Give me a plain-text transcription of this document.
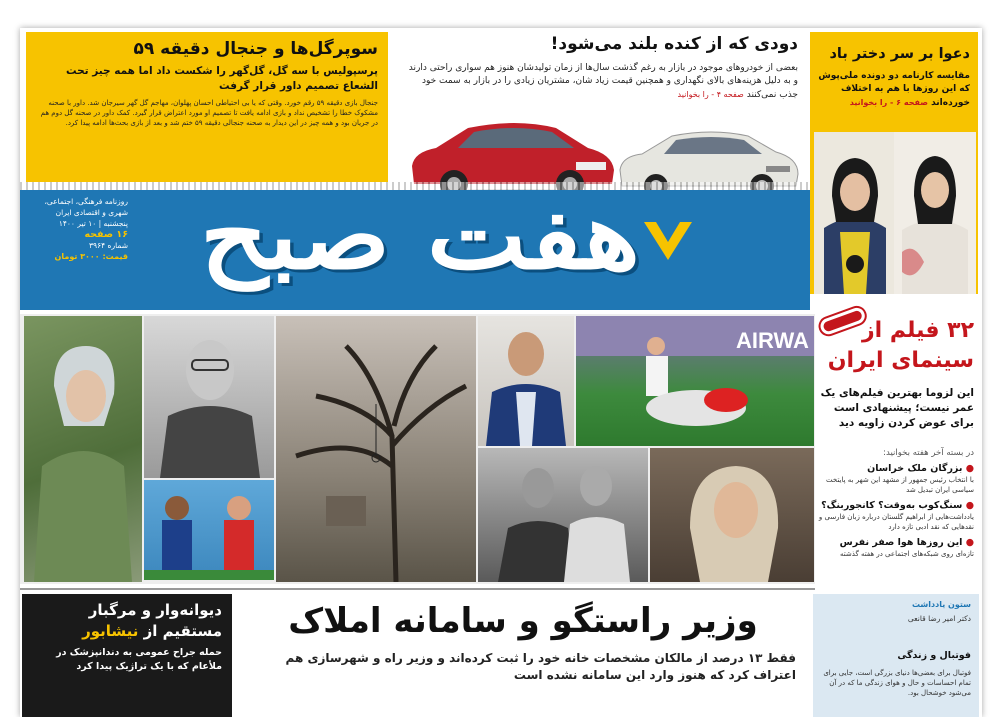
سوپرگل‌ها و جنجال دقیقه ۵۹
پرسپولیس با سه گل، گل‌گهر را شکست داد اما همه چیز تحت الشعاع تصمیم داور قرار گرفت
جنجال بازی دقیقه ۵۹ رقم خورد. وقتی که یا بی احتیاطی احسان پهلوان، مهاجم گل گهر سیرجان شد. داور با صحنه مشکوک خطا را تشخیص نداد و بازی ادامه یافت تا تصمیم او مورد اعتراض قرار گیرد. کمک داور در صحنه گل دوم هم در جریان بود و همه چیز در این دیدار به صحنه جنجالی دقیقه ۵۹ ختم شد و بعد از بازی بحث‌ها ادامه پیدا کرد.
دودی که از کنده بلند می‌شود!
بعضی از خودروهای موجود در بازار به رغم گذشت سال‌ها از زمان تولیدشان هنوز هم سواری راحتی دارند و به دلیل هزینه‌های بالای نگهداری و همچنین قیمت زیاد شان، مشتریان زیادی را در بازار به سمت خود جذب نمی‌کنند صفحه ۴ - را بخوانید
دعوا بر سر دختر باد
مقایسه کارنامه دو دونده ملی‌پوش که این روزها با هم به اختلاف خورده‌اند صفحه ۶ - را بخوانید
روزنامه فرهنگی، اجتماعی،
شهری و اقتصادی ایران
پنجشنبه | ۱۰ تیر ۱۴۰۰
۱۶ صفحه
شماره ۳۹۶۴
قیمت: ۳۰۰۰ تومان هفت صبح
AIRWA	۳۲ فیلم از سینمای ایران
این لزوما بهترین فیلم‌های یک عمر نیست؛ پیشنهادی است برای عوض کردن زاویه دید
در بسته آخر هفته بخوانید:
● بزرگان ملک خراسان
با انتخاب رئیس جمهور از مشهد این شهر به پایتخت سیاسی ایران تبدیل شد
● سنگ‌کوب به‌وقت؟ کانجوربنگ؟
یادداشت‌هایی از ابراهیم گلستان درباره زبان فارسی و نقدهایی که نقد ادبی تازه دارد
● این روزها هوا صفر نفرس
تازه‌ای روی شبکه‌های اجتماعی در هفته گذشته
دیوانه‌وار و مرگبار
مستقیم از نیشابور
حمله جراح عمومی به دندانپزشک در ملأعام که با یک تراژیک پیدا کرد
وزیر راستگو و سامانه املاک
فقط ۱۳ درصد از مالکان مشخصات خانه خود را ثبت کرده‌اند و وزیر راه و شهرسازی هم اعتراف کرد که هنوز وارد این سامانه نشده است
ستون یادداشت
دکتر امیر رضا قانعی
فوتبال و زندگی
فوتبال برای بعضی‌ها دنیای بزرگی است، جایی برای تمام احساسات و حال و هوای زندگی ما که در آن می‌شود خوشحال بود.
